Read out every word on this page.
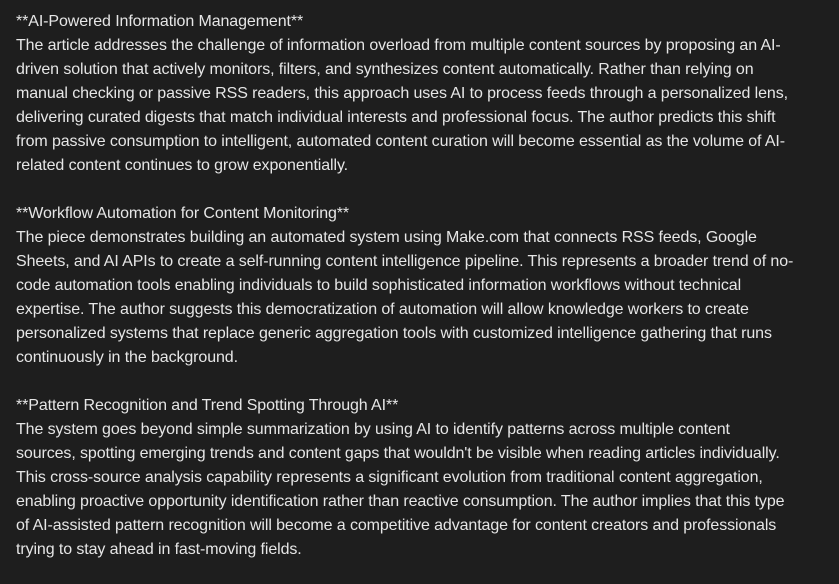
**AI-Powered Information Management**

The article addresses the challenge of information overload from multiple content sources by proposing an AI-
driven solution that actively monitors, filters, and synthesizes content automatically. Rather than relying on
manual checking or passive RSS readers, this approach uses AI to process feeds through a personalized lens,
delivering curated digests that match individual interests and professional focus. The author predicts this shift
from passive consumption to intelligent, automated content curation will become essential as the volume of AI-
related content continues to grow exponentially.

**Workflow Automation for Content Monitoring**

The piece demonstrates building an automated system using Make.com that connects RSS feeds, Google
Sheets, and AI APIs to create a self-running content intelligence pipeline. This represents a broader trend of no-
code automation tools enabling individuals to build sophisticated information workflows without technical
expertise. The author suggests this democratization of automation will allow knowledge workers to create
personalized systems that replace generic aggregation tools with customized intelligence gathering that runs
continuously in the background.

**Pattern Recognition and Trend Spotting Through AI**

The system goes beyond simple summarization by using AI to identify patterns across multiple content
sources, spotting emerging trends and content gaps that wouldn't be visible when reading articles individually.
This cross-source analysis capability represents a significant evolution from traditional content aggregation,
enabling proactive opportunity identification rather than reactive consumption. The author implies that this type
of AI-assisted pattern recognition will become a competitive advantage for content creators and professionals
trying to stay ahead in fast-moving fields.
